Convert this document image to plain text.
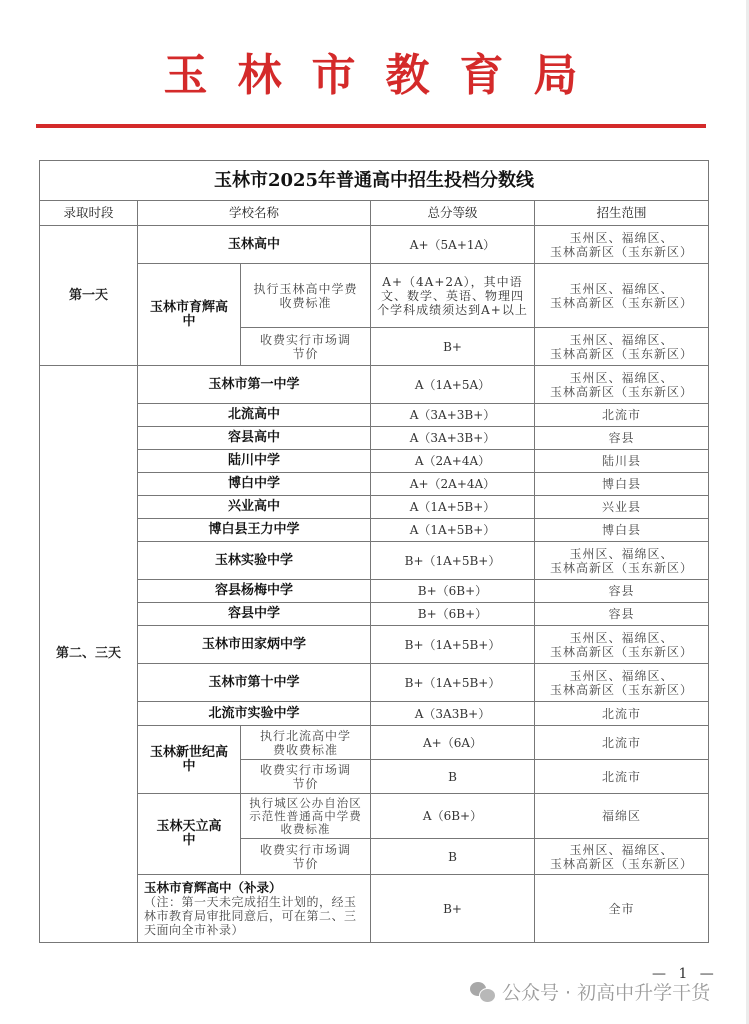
玉林市教育局
玉林市2025年普通高中招生投档分数线				
录取时段	学校名称		总分等级	招生范围
第一天	玉林高中		A+（5A+1A）	玉州区、福绵区、
玉林高新区（玉东新区）
	玉林市育辉高中	执行玉林高中学费收费标准	A+（4A+2A），其中语文、数学、英语、物理四个学科成绩须达到A+以上	玉州区、福绵区、
玉林高新区（玉东新区）
		收费实行市场调节价	B+	玉州区、福绵区、
玉林高新区（玉东新区）
第二、三天	玉林市第一中学		A（1A+5A）	玉州区、福绵区、
玉林高新区（玉东新区）
	北流高中		A（3A+3B+）	北流市
	容县高中		A（3A+3B+）	容县
	陆川中学		A（2A+4A）	陆川县
	博白中学		A+（2A+4A）	博白县
	兴业高中		A（1A+5B+）	兴业县
	博白县王力中学		A（1A+5B+）	博白县
	玉林实验中学		B+（1A+5B+）	玉州区、福绵区、
玉林高新区（玉东新区）
	容县杨梅中学		B+（6B+）	容县
	容县中学		B+（6B+）	容县
	玉林市田家炳中学		B+（1A+5B+）	玉州区、福绵区、
玉林高新区（玉东新区）
	玉林市第十中学		B+（1A+5B+）	玉州区、福绵区、
玉林高新区（玉东新区）
	北流市实验中学		A（3A3B+）	北流市
	玉林新世纪高中	执行北流高中学费收费标准	A+（6A）	北流市
		收费实行市场调节价	B	北流市
	玉林天立高中	执行城区公办自治区示范性普通高中学费收费标准	A（6B+）	福绵区
		收费实行市场调节价	B	玉州区、福绵区、
玉林高新区（玉东新区）

	玉林市育辉高中（补录）
（注：第一天未完成招生计划的，经玉林市教育局审批同意后，可在第二、三天面向全市补录）		B+	全市
— 1 —
公众号 · 初高中升学干货
